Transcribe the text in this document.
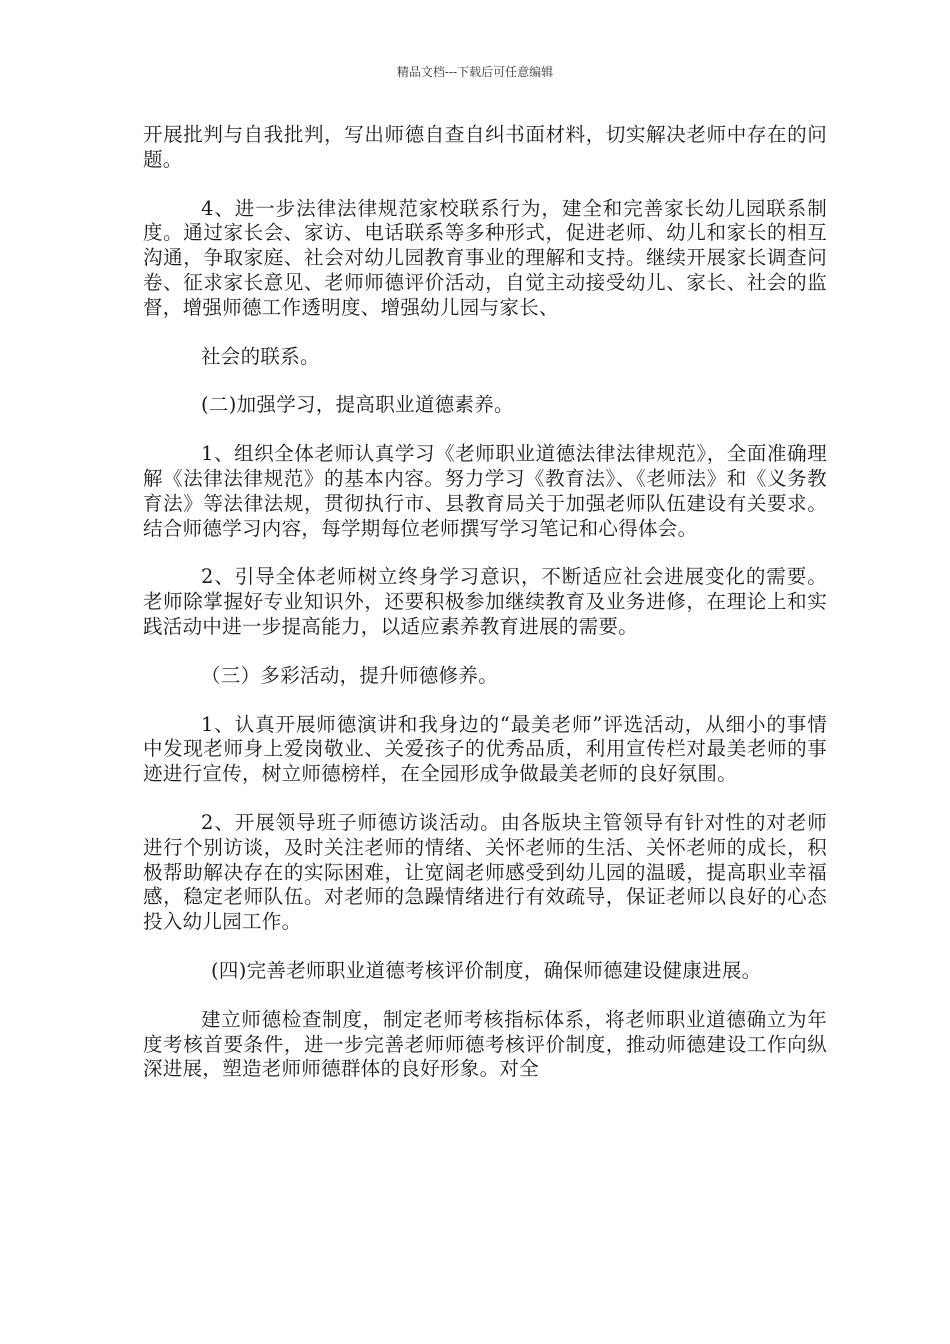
精品文档---下载后可任意编辑

开展批判与自我批判，写出师德自查自纠书面材料，切实解决老师中存在的问题。

4、进一步法律法律规范家校联系行为，建全和完善家长幼儿园联系制度。通过家长会、家访、电话联系等多种形式，促进老师、幼儿和家长的相互沟通，争取家庭、社会对幼儿园教育事业的理解和支持。继续开展家长调查问卷、征求家长意见、老师师德评价活动，自觉主动接受幼儿、家长、社会的监督，增强师德工作透明度、增强幼儿园与家长、

社会的联系。

(二)加强学习，提高职业道德素养。

1、组织全体老师认真学习《老师职业道德法律法律规范》，全面准确理解《法律法律规范》的基本内容。努力学习《教育法》、《老师法》和《义务教育法》等法律法规，贯彻执行市、县教育局关于加强老师队伍建设有关要求。结合师德学习内容，每学期每位老师撰写学习笔记和心得体会。

2、引导全体老师树立终身学习意识，不断适应社会进展变化的需要。老师除掌握好专业知识外，还要积极参加继续教育及业务进修，在理论上和实践活动中进一步提高能力，以适应素养教育进展的需要。

（三）多彩活动，提升师德修养。

1、认真开展师德演讲和我身边的“最美老师”评选活动，从细小的事情中发现老师身上爱岗敬业、关爱孩子的优秀品质，利用宣传栏对最美老师的事迹进行宣传，树立师德榜样，在全园形成争做最美老师的良好氛围。

2、开展领导班子师德访谈活动。由各版块主管领导有针对性的对老师进行个别访谈，及时关注老师的情绪、关怀老师的生活、关怀老师的成长，积极帮助解决存在的实际困难，让宽阔老师感受到幼儿园的温暖，提高职业幸福感，稳定老师队伍。对老师的急躁情绪进行有效疏导，保证老师以良好的心态投入幼儿园工作。

(四)完善老师职业道德考核评价制度，确保师德建设健康进展。

建立师德检查制度，制定老师考核指标体系，将老师职业道德确立为年度考核首要条件，进一步完善老师师德考核评价制度，推动师德建设工作向纵深进展，塑造老师师德群体的良好形象。对全
